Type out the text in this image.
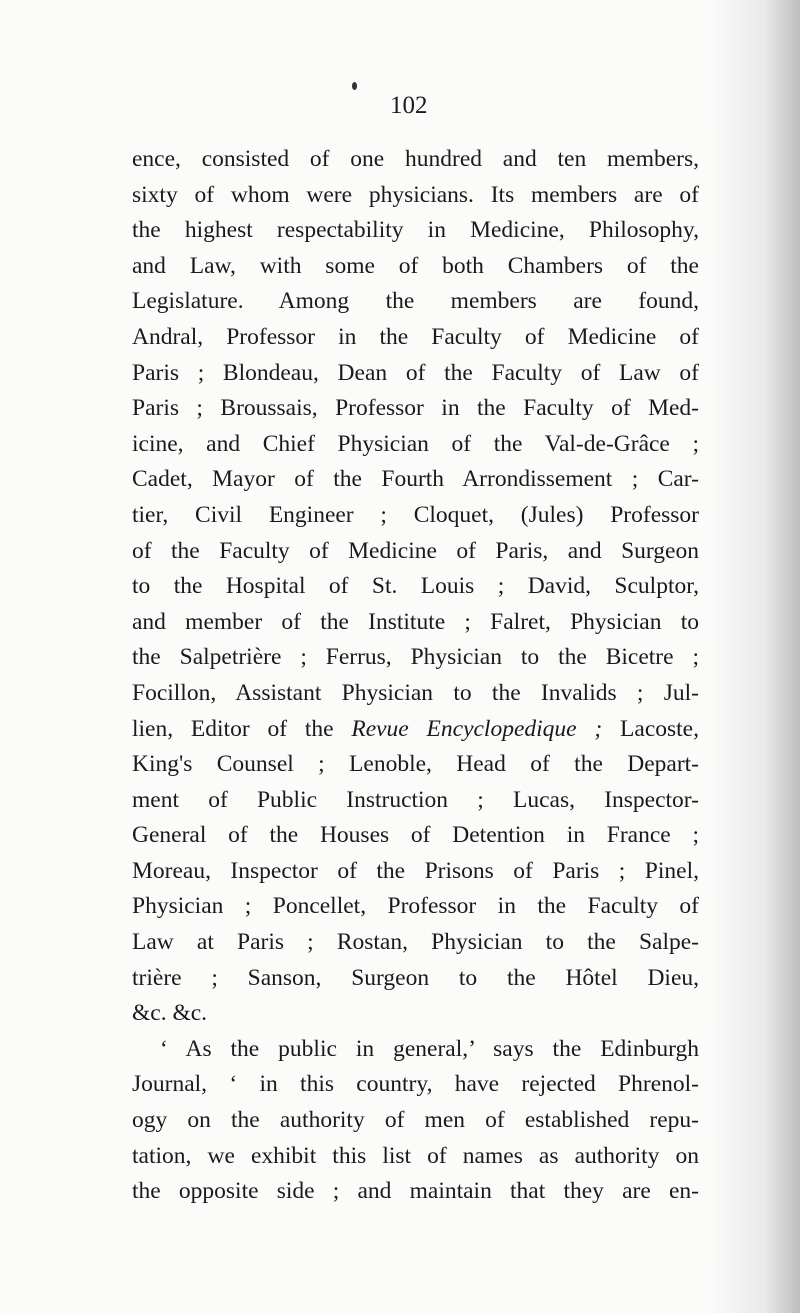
102
ence, consisted of one hundred and ten members,
sixty of whom were physicians. Its members are of
the highest respectability in Medicine, Philosophy,
and Law, with some of both Chambers of the
Legislature. Among the members are found,
Andral, Professor in the Faculty of Medicine of
Paris ; Blondeau, Dean of the Faculty of Law of
Paris ; Broussais, Professor in the Faculty of Med-
icine, and Chief Physician of the Val-de-Grâce ;
Cadet, Mayor of the Fourth Arrondissement ; Car-
tier, Civil Engineer ; Cloquet, (Jules) Professor
of the Faculty of Medicine of Paris, and Surgeon
to the Hospital of St. Louis ; David, Sculptor,
and member of the Institute ; Falret, Physician to
the Salpetrière ; Ferrus, Physician to the Bicetre ;
Focillon, Assistant Physician to the Invalids ; Jul-
lien, Editor of the Revue Encyclopedique ; Lacoste,
King's Counsel ; Lenoble, Head of the Depart-
ment of Public Instruction ; Lucas, Inspector-
General of the Houses of Detention in France ;
Moreau, Inspector of the Prisons of Paris ; Pinel,
Physician ; Poncellet, Professor in the Faculty of
Law at Paris ; Rostan, Physician to the Salpe-
trière ; Sanson, Surgeon to the Hôtel Dieu,
&c. &c.
‘ As the public in general,’ says the Edinburgh
Journal, ‘ in this country, have rejected Phrenol-
ogy on the authority of men of established repu-
tation, we exhibit this list of names as authority on
the opposite side ; and maintain that they are en-
